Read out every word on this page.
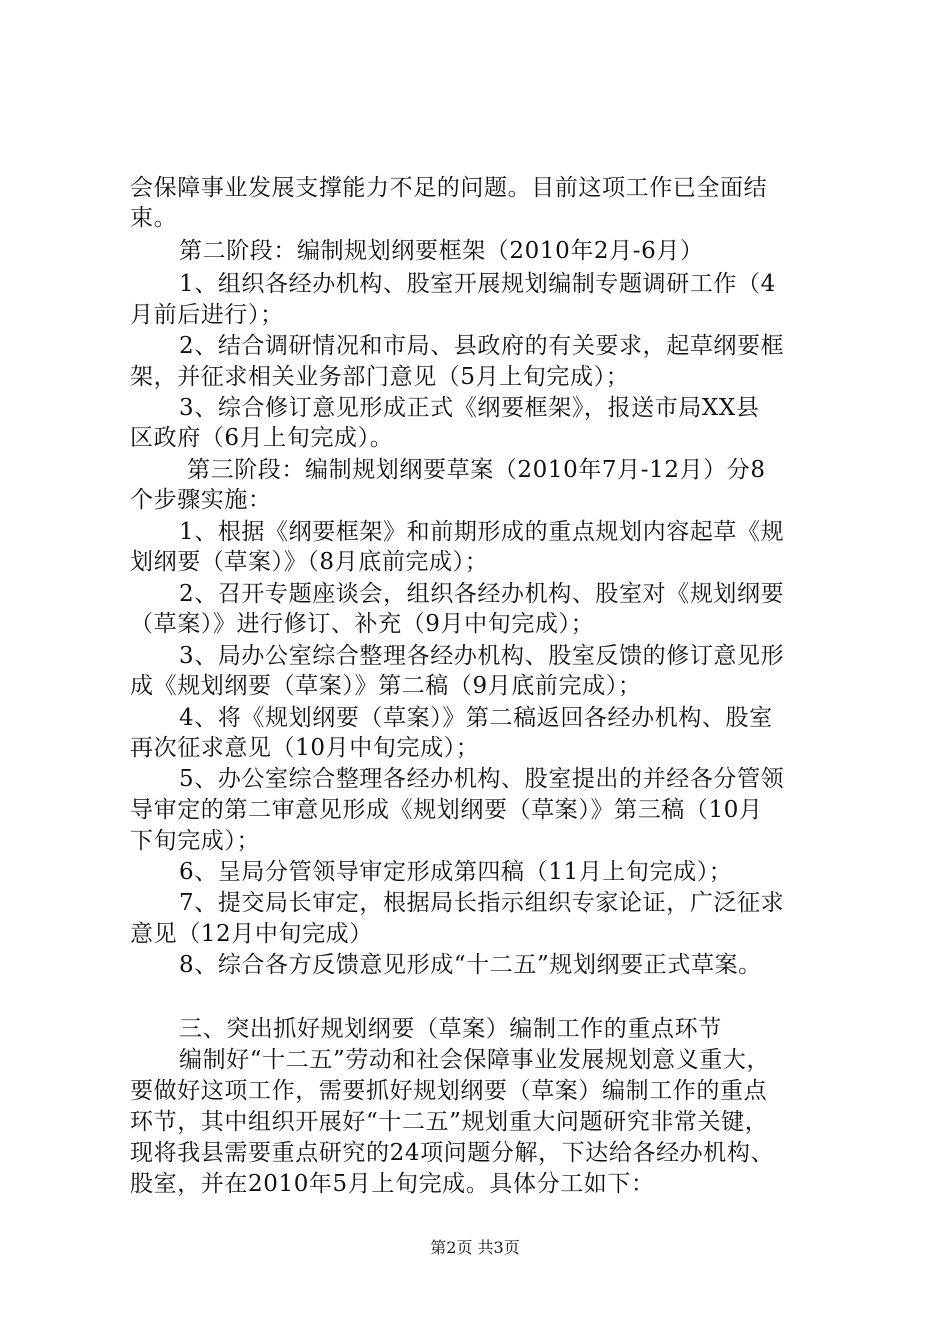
会保障事业发展支撑能力不足的问题。目前这项工作已全面结
束。
第二阶段：编制规划纲要框架（2010年2月-6月）
1、组织各经办机构、股室开展规划编制专题调研工作（4
月前后进行）；
2、结合调研情况和市局、县政府的有关要求，起草纲要框
架，并征求相关业务部门意见（5月上旬完成）；
3、综合修订意见形成正式《纲要框架》，报送市局XX县
区政府（6月上旬完成）。
第三阶段：编制规划纲要草案（2010年7月-12月）分8
个步骤实施：
1、根据《纲要框架》和前期形成的重点规划内容起草《规
划纲要（草案）》（8月底前完成）；
2、召开专题座谈会，组织各经办机构、股室对《规划纲要
（草案）》进行修订、补充（9月中旬完成）；
3、局办公室综合整理各经办机构、股室反馈的修订意见形
成《规划纲要（草案）》第二稿（9月底前完成）；
4、将《规划纲要（草案）》第二稿返回各经办机构、股室
再次征求意见（10月中旬完成）；
5、办公室综合整理各经办机构、股室提出的并经各分管领
导审定的第二审意见形成《规划纲要（草案）》第三稿（10月
下旬完成）；
6、呈局分管领导审定形成第四稿（11月上旬完成）；
7、提交局长审定，根据局长指示组织专家论证，广泛征求
意见（12月中旬完成）
8、综合各方反馈意见形成“十二五”规划纲要正式草案。
三、突出抓好规划纲要（草案）编制工作的重点环节
编制好“十二五”劳动和社会保障事业发展规划意义重大，
要做好这项工作，需要抓好规划纲要（草案）编制工作的重点
环节，其中组织开展好“十二五”规划重大问题研究非常关键，
现将我县需要重点研究的24项问题分解，下达给各经办机构、
股室，并在2010年5月上旬完成。具体分工如下：
第2页 共3页
